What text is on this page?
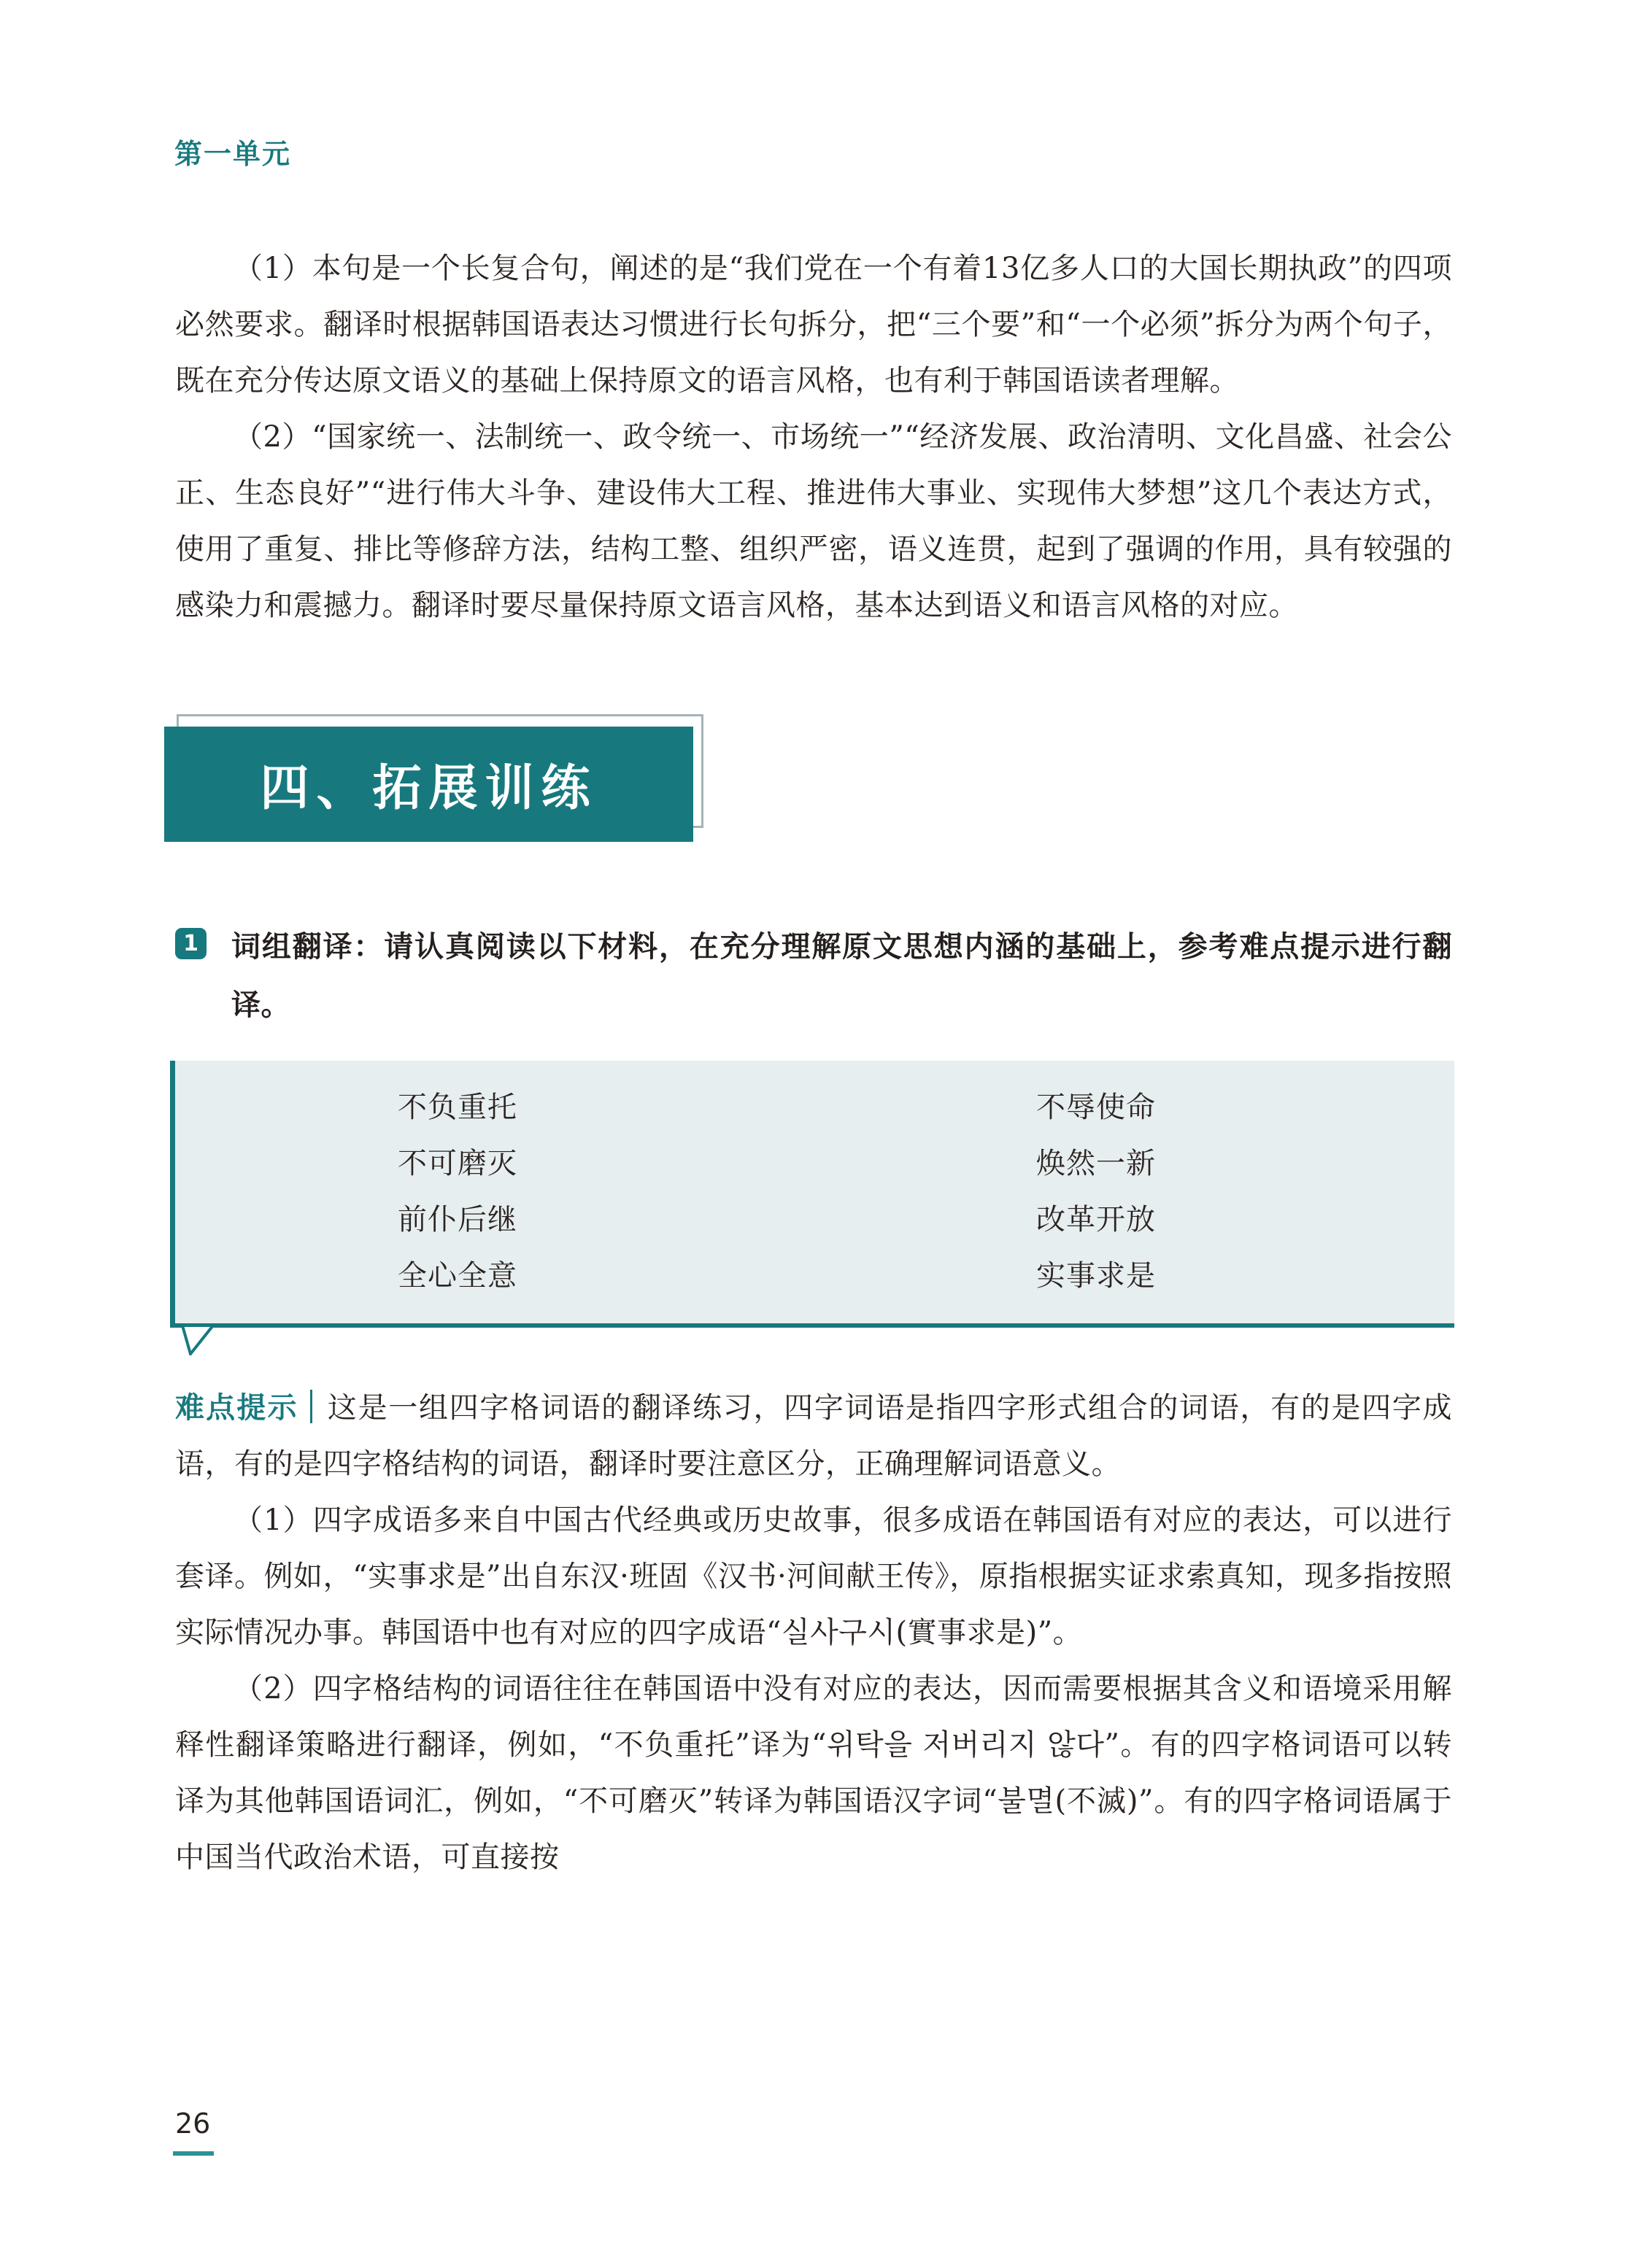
第一单元

（1）本句是一个长复合句，阐述的是“我们党在一个有着13亿多人口的大国长期执政”的四项必然要求。翻译时根据韩国语表达习惯进行长句拆分，把“三个要”和“一个必须”拆分为两个句子，既在充分传达原文语义的基础上保持原文的语言风格，也有利于韩国语读者理解。

（2）“国家统一、法制统一、政令统一、市场统一”“经济发展、政治清明、文化昌盛、社会公正、生态良好”“进行伟大斗争、建设伟大工程、推进伟大事业、实现伟大梦想”这几个表达方式，使用了重复、排比等修辞方法，结构工整、组织严密，语义连贯，起到了强调的作用，具有较强的感染力和震撼力。翻译时要尽量保持原文语言风格，基本达到语义和语言风格的对应。

四、拓展训练
1 词组翻译：请认真阅读以下材料，在充分理解原文思想内涵的基础上，参考难点提示进行翻译。

不负重托
不可磨灭
前仆后继
全心全意
不辱使命
焕然一新
改革开放
实事求是

难点提示 这是一组四字格词语的翻译练习，四字词语是指四字形式组合的词语，有的是四字成语，有的是四字格结构的词语，翻译时要注意区分，正确理解词语意义。

（1）四字成语多来自中国古代经典或历史故事，很多成语在韩国语有对应的表达，可以进行套译。例如，“实事求是”出自东汉·班固《汉书·河间献王传》，原指根据实证求索真知，现多指按照实际情况办事。韩国语中也有对应的四字成语“실사구시(實事求是)”。

（2）四字格结构的词语往往在韩国语中没有对应的表达，因而需要根据其含义和语境采用解释性翻译策略进行翻译，例如，“不负重托”译为“위탁을 저버리지 않다”。有的四字格词语可以转译为其他韩国语词汇，例如，“不可磨灭”转译为韩国语汉字词“불멸(不滅)”。有的四字格词语属于中国当代政治术语，可直接按

26
